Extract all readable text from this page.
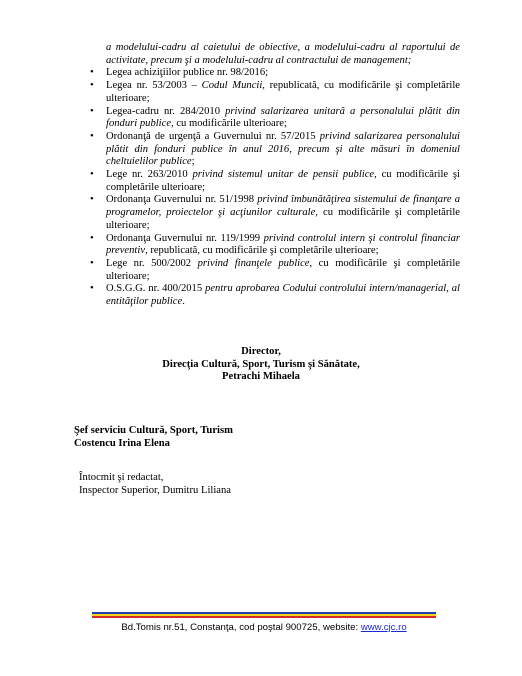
a modelului-cadru al caietului de obiective, a modelului-cadru al raportului de activitate, precum şi a modelului-cadru al contractului de management;
• Legea achiziţiilor publice nr. 98/2016;
• Legea nr. 53/2003 – Codul Muncii, republicată, cu modificările şi completările ulterioare;
• Legea-cadru nr. 284/2010 privind salarizarea unitară a personalului plătit din fonduri publice, cu modificările ulterioare;
• Ordonanţă de urgenţă a Guvernului nr. 57/2015 privind salarizarea personalului plătit din fonduri publice în anul 2016, precum şi alte măsuri în domeniul cheltuielilor publice;
• Lege nr. 263/2010 privind sistemul unitar de pensii publice, cu modificările şi completările ulterioare;
• Ordonanţa Guvernului nr. 51/1998 privind îmbunătăţirea sistemului de finanţare a programelor, proiectelor şi acţiunilor culturale, cu modificările şi completările ulterioare;
• Ordonanţa Guvernului nr. 119/1999 privind controlul intern şi controlul financiar preventiv, republicată, cu modificările şi completările ulterioare;
• Lege nr. 500/2002 privind finanţele publice, cu modificările şi completările ulterioare;
• O.S.G.G. nr. 400/2015 pentru aprobarea Codului controlului intern/managerial, al entităţilor publice.
Director,
Direcţia Cultură, Sport, Turism şi Sănătate,
Petrachi Mihaela
Şef serviciu Cultură, Sport, Turism
Costencu Irina Elena
Întocmit şi redactat,
Inspector Superior, Dumitru Liliana
Bd.Tomis nr.51, Constanţa, cod poştal 900725, website: www.cjc.ro
